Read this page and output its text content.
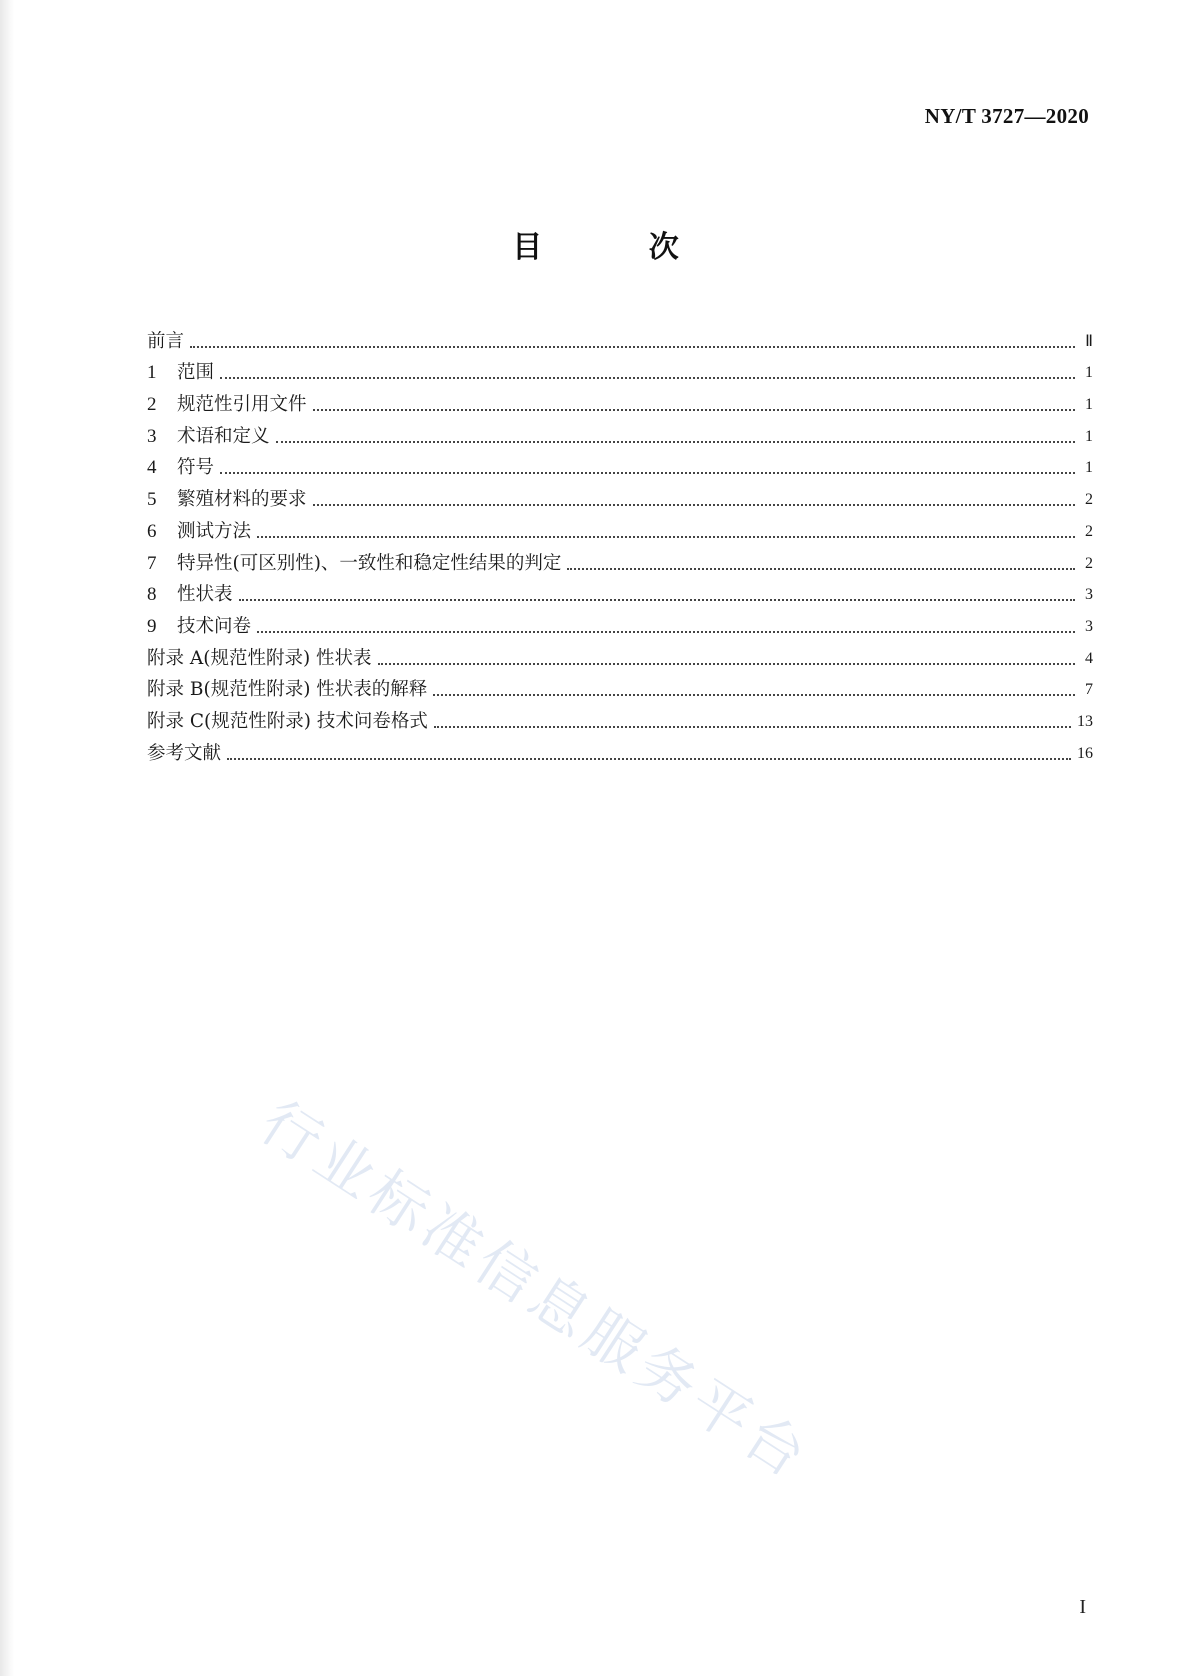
NY/T 3727—2020
目 次
前言	Ⅱ
1	范围	1
2	规范性引用文件	1
3	术语和定义	1
4	符号	1
5	繁殖材料的要求	2
6	测试方法	2
7	特异性(可区别性)、一致性和稳定性结果的判定	2
8	性状表	3
9	技术问卷	3
附录 A(规范性附录) 性状表	4
附录 B(规范性附录) 性状表的解释	7
附录 C(规范性附录) 技术问卷格式	13
参考文献	16
行业标准信息服务平台
I
